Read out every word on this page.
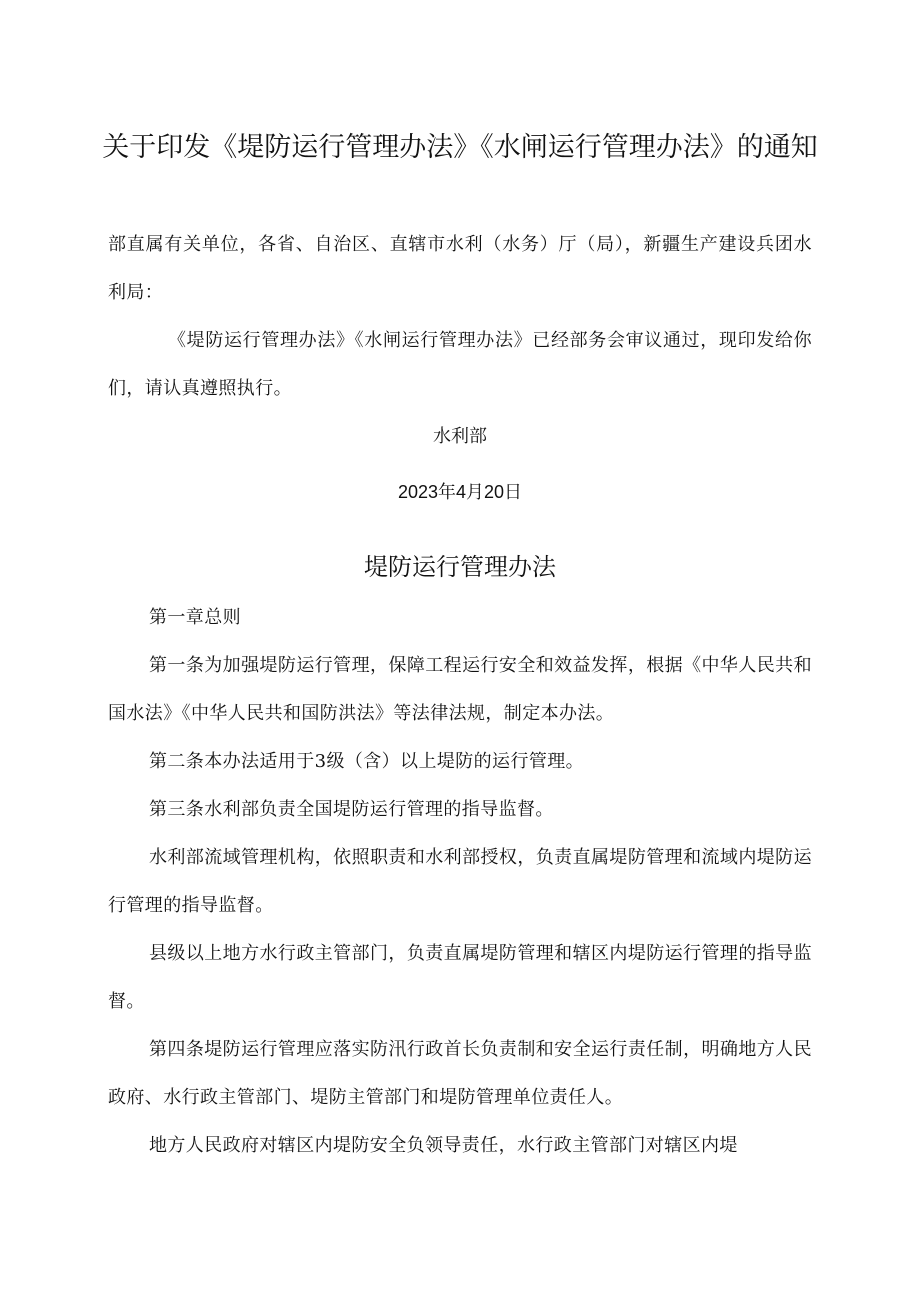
关于印发《堤防运行管理办法》《水闸运行管理办法》的通知

部直属有关单位，各省、自治区、直辖市水利（水务）厅（局），新疆生产建设兵团水利局：

《堤防运行管理办法》《水闸运行管理办法》已经部务会审议通过，现印发给你们，请认真遵照执行。

水利部
2023年4月20日
堤防运行管理办法

第一章总则

第一条为加强堤防运行管理，保障工程运行安全和效益发挥，根据《中华人民共和国水法》《中华人民共和国防洪法》等法律法规，制定本办法。

第二条本办法适用于3级（含）以上堤防的运行管理。

第三条水利部负责全国堤防运行管理的指导监督。

水利部流域管理机构，依照职责和水利部授权，负责直属堤防管理和流域内堤防运行管理的指导监督。

县级以上地方水行政主管部门，负责直属堤防管理和辖区内堤防运行管理的指导监督。

第四条堤防运行管理应落实防汛行政首长负责制和安全运行责任制，明确地方人民政府、水行政主管部门、堤防主管部门和堤防管理单位责任人。

地方人民政府对辖区内堤防安全负领导责任，水行政主管部门对辖区内堤
